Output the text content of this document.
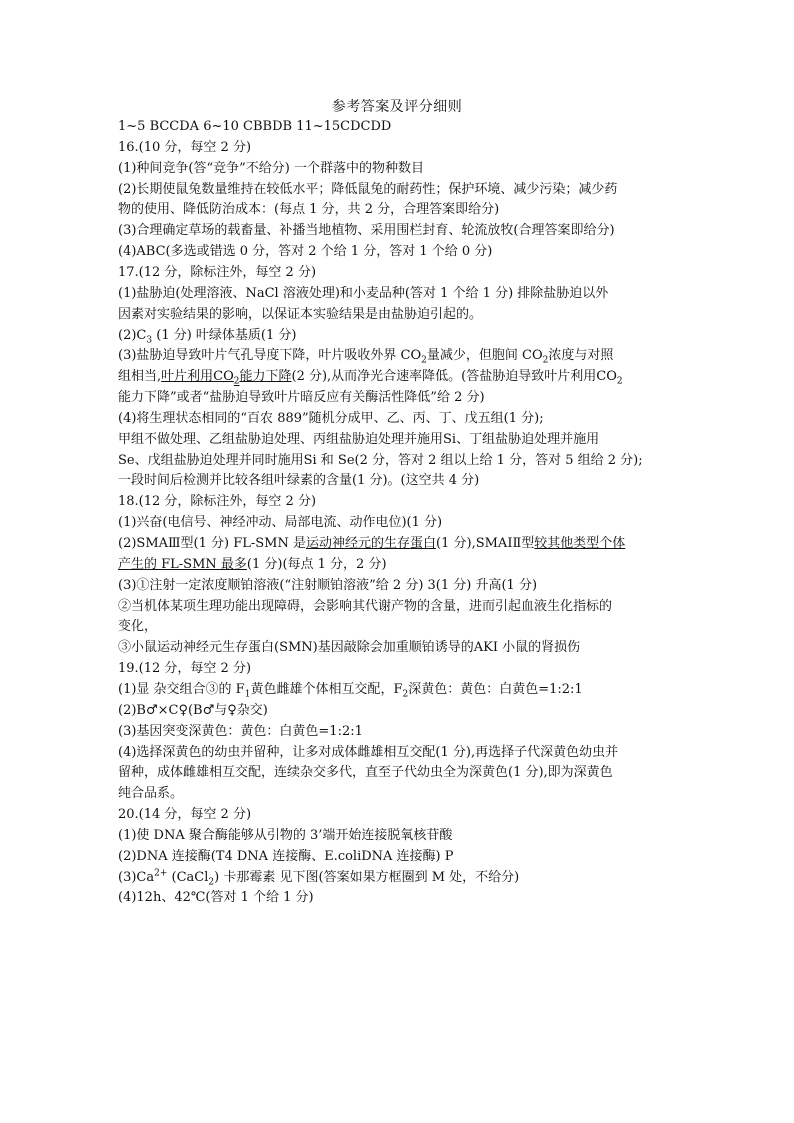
参考答案及评分细则
1~5 BCCDA 6~10 CBBDB 11~15CDCDD
16.(10 分，每空 2 分)
(1)种间竞争(答“竞争”不给分) 一个群落中的物种数目
(2)长期使鼠兔数量维持在较低水平；降低鼠兔的耐药性；保护环境、减少污染；减少药
物的使用、降低防治成本：(每点 1 分，共 2 分，合理答案即给分)
(3)合理确定草场的载畜量、补播当地植物、采用围栏封育、轮流放牧(合理答案即给分)
(4)ABC(多选或错选 0 分，答对 2 个给 1 分，答对 1 个给 0 分)
17.(12 分，除标注外，每空 2 分)
(1)盐胁迫(处理溶液、NaCl 溶液处理)和小麦品种(答对 1 个给 1 分) 排除盐胁迫以外
因素对实验结果的影响，以保证本实验结果是由盐胁迫引起的。
$(2)C_3$ (1 分) 叶绿体基质(1 分)
(3)盐胁迫导致叶片气孔导度下降，叶片吸收外界 $CO_2$量减少，但胞间 $CO_2$浓度与对照
组相当,叶片利用$CO_2$能力下降(2 分),从而净光合速率降低。(答盐胁迫导致叶片利用$CO_2$
能力下降”或者“盐胁迫导致叶片暗反应有关酶活性降低”给 2 分)
(4)将生理状态相同的“百农 889”随机分成甲、乙、丙、丁、戊五组(1 分);
甲组不做处理、乙组盐胁迫处理、丙组盐胁迫处理并施用Si、丁组盐胁迫处理并施用
Se、戊组盐胁迫处理并同时施用Si 和 Se(2 分，答对 2 组以上给 1 分，答对 5 组给 2 分);
一段时间后检测并比较各组叶绿素的含量(1 分)。(这空共 4 分)
18.(12 分，除标注外，每空 2 分)
(1)兴奋(电信号、神经冲动、局部电流、动作电位)(1 分)
(2)SMAⅢ型(1 分) FL-SMN 是运动神经元的生存蛋白(1 分),SMAⅠⅡ型较其他类型个体
产生的 FL-SMN 最多(1 分)(每点 1 分，2 分)
(3)①注射一定浓度顺铂溶液(“注射顺铂溶液”给 2 分) 3(1 分) 升高(1 分)
②当机体某项生理功能出现障碍，会影响其代谢产物的含量，进而引起血液生化指标的
变化，
③小鼠运动神经元生存蛋白(SMN)基因敲除会加重顺铂诱导的AKI 小鼠的肾损伤
19.(12 分，每空 2 分)
(1)显 杂交组合③的 $F_1$黄色雌雄个体相互交配，$F_2$深黄色：黄色：白黄色=1:2:1
(2)B♂×C♀(B♂与♀杂交)
(3)基因突变深黄色：黄色：白黄色=1:2:1
(4)选择深黄色的幼虫并留种，让多对成体雌雄相互交配(1 分),再选择子代深黄色幼虫并
留种，成体雌雄相互交配，连续杂交多代，直至子代幼虫全为深黄色(1 分),即为深黄色
纯合品系。
20.(14 分，每空 2 分)
(1)使 DNA 聚合酶能够从引物的 3’端开始连接脱氧核苷酸
(2)DNA 连接酶(T4 DNA 连接酶、E.coliDNA 连接酶) P
$(3)Ca^{2+}$ (CaCl$_2$) 卡那霉素 见下图(答案如果方框圈到 M 处，不给分)
(4)12h、42℃(答对 1 个给 1 分)
